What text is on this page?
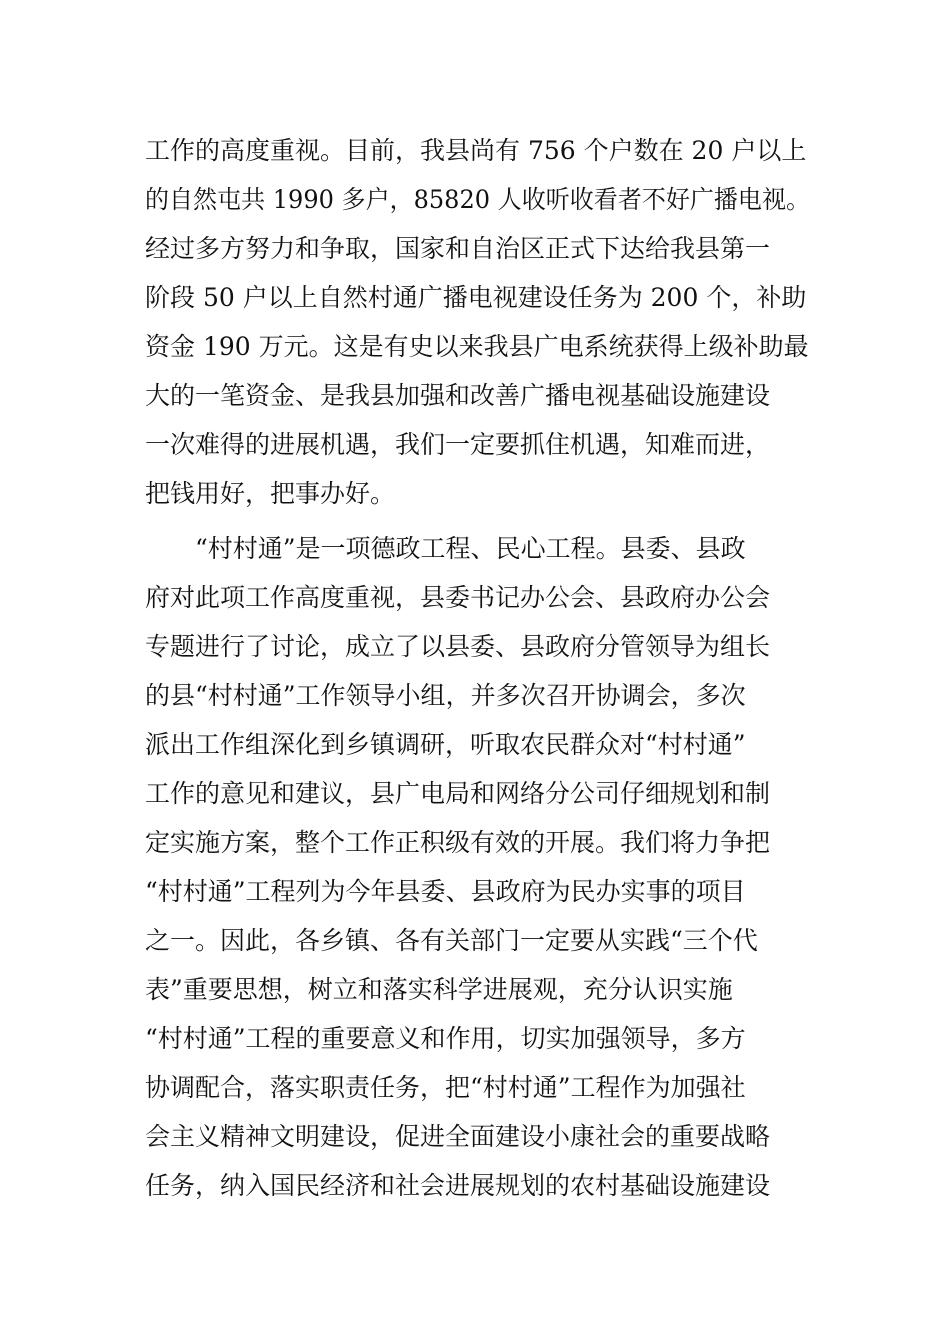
工作的高度重视。目前，我县尚有 756 个户数在 20 户以上
的自然屯共 1990 多户，85820 人收听收看者不好广播电视。
经过多方努力和争取，国家和自治区正式下达给我县第一
阶段 50 户以上自然村通广播电视建设任务为 200 个，补助
资金 190 万元。这是有史以来我县广电系统获得上级补助最
大的一笔资金、是我县加强和改善广播电视基础设施建设
一次难得的进展机遇，我们一定要抓住机遇，知难而进，
把钱用好，把事办好。
“村村通”是一项德政工程、民心工程。县委、县政
府对此项工作高度重视，县委书记办公会、县政府办公会
专题进行了讨论，成立了以县委、县政府分管领导为组长
的县“村村通”工作领导小组，并多次召开协调会，多次
派出工作组深化到乡镇调研，听取农民群众对“村村通”
工作的意见和建议，县广电局和网络分公司仔细规划和制
定实施方案，整个工作正积级有效的开展。我们将力争把
“村村通”工程列为今年县委、县政府为民办实事的项目
之一。因此，各乡镇、各有关部门一定要从实践“三个代
表”重要思想，树立和落实科学进展观，充分认识实施
“村村通”工程的重要意义和作用，切实加强领导，多方
协调配合，落实职责任务，把“村村通”工程作为加强社
会主义精神文明建设，促进全面建设小康社会的重要战略
任务，纳入国民经济和社会进展规划的农村基础设施建设
